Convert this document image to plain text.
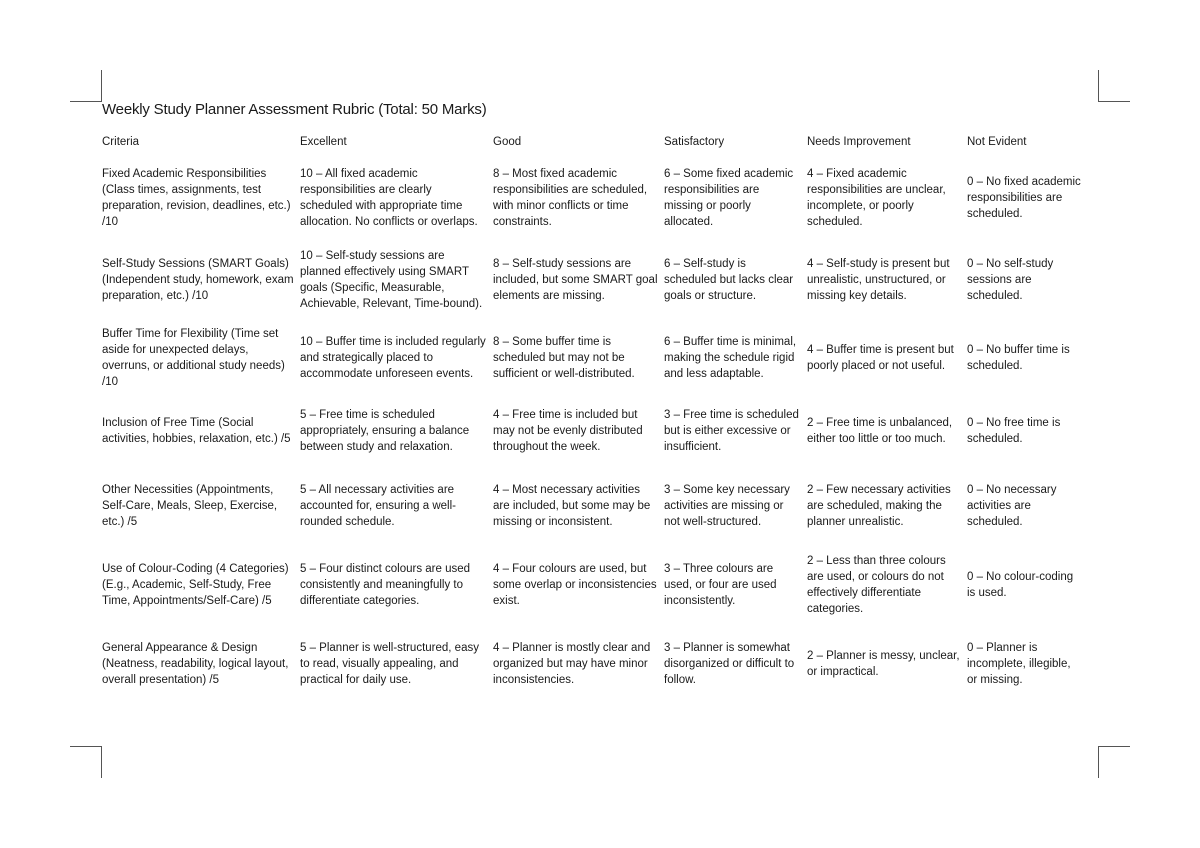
Weekly Study Planner Assessment Rubric (Total: 50 Marks)
Criteria	Excellent	Good	Satisfactory	Needs Improvement	Not Evident
Fixed Academic Responsibilities (Class times, assignments, test preparation, revision, deadlines, etc.) /10	10 – All fixed academic responsibilities are clearly scheduled with appropriate time allocation. No conflicts or overlaps.	8 – Most fixed academic responsibilities are scheduled, with minor conflicts or time constraints.	6 – Some fixed academic responsibilities are missing or poorly allocated.	4 – Fixed academic responsibilities are unclear, incomplete, or poorly scheduled.	0 – No fixed academic responsibilities are scheduled.
Self-Study Sessions (SMART Goals) (Independent study, homework, exam preparation, etc.) /10	10 – Self-study sessions are planned effectively using SMART goals (Specific, Measurable, Achievable, Relevant, Time-bound).	8 – Self-study sessions are included, but some SMART goal elements are missing.	6 – Self-study is scheduled but lacks clear goals or structure.	4 – Self-study is present but unrealistic, unstructured, or missing key details.	0 – No self-study sessions are scheduled.
Buffer Time for Flexibility (Time set aside for unexpected delays, overruns, or additional study needs) /10	10 – Buffer time is included regularly and strategically placed to accommodate unforeseen events.	8 – Some buffer time is scheduled but may not be sufficient or well-distributed.	6 – Buffer time is minimal, making the schedule rigid and less adaptable.	4 – Buffer time is present but poorly placed or not useful.	0 – No buffer time is scheduled.
Inclusion of Free Time (Social activities, hobbies, relaxation, etc.) /5	5 – Free time is scheduled appropriately, ensuring a balance between study and relaxation.	4 – Free time is included but may not be evenly distributed throughout the week.	3 – Free time is scheduled but is either excessive or insufficient.	2 – Free time is unbalanced, either too little or too much.	0 – No free time is scheduled.
Other Necessities (Appointments, Self-Care, Meals, Sleep, Exercise, etc.) /5	5 – All necessary activities are accounted for, ensuring a well-rounded schedule.	4 – Most necessary activities are included, but some may be missing or inconsistent.	3 – Some key necessary activities are missing or not well-structured.	2 – Few necessary activities are scheduled, making the planner unrealistic.	0 – No necessary activities are scheduled.
Use of Colour-Coding (4 Categories) (E.g., Academic, Self-Study, Free Time, Appointments/Self-Care) /5	5 – Four distinct colours are used consistently and meaningfully to differentiate categories.	4 – Four colours are used, but some overlap or inconsistencies exist.	3 – Three colours are used, or four are used inconsistently.	2 – Less than three colours are used, or colours do not effectively differentiate categories.	0 – No colour-coding is used.
General Appearance & Design (Neatness, readability, logical layout, overall presentation) /5	5 – Planner is well-structured, easy to read, visually appealing, and practical for daily use.	4 – Planner is mostly clear and organized but may have minor inconsistencies.	3 – Planner is somewhat disorganized or difficult to follow.	2 – Planner is messy, unclear, or impractical.	0 – Planner is incomplete, illegible, or missing.
